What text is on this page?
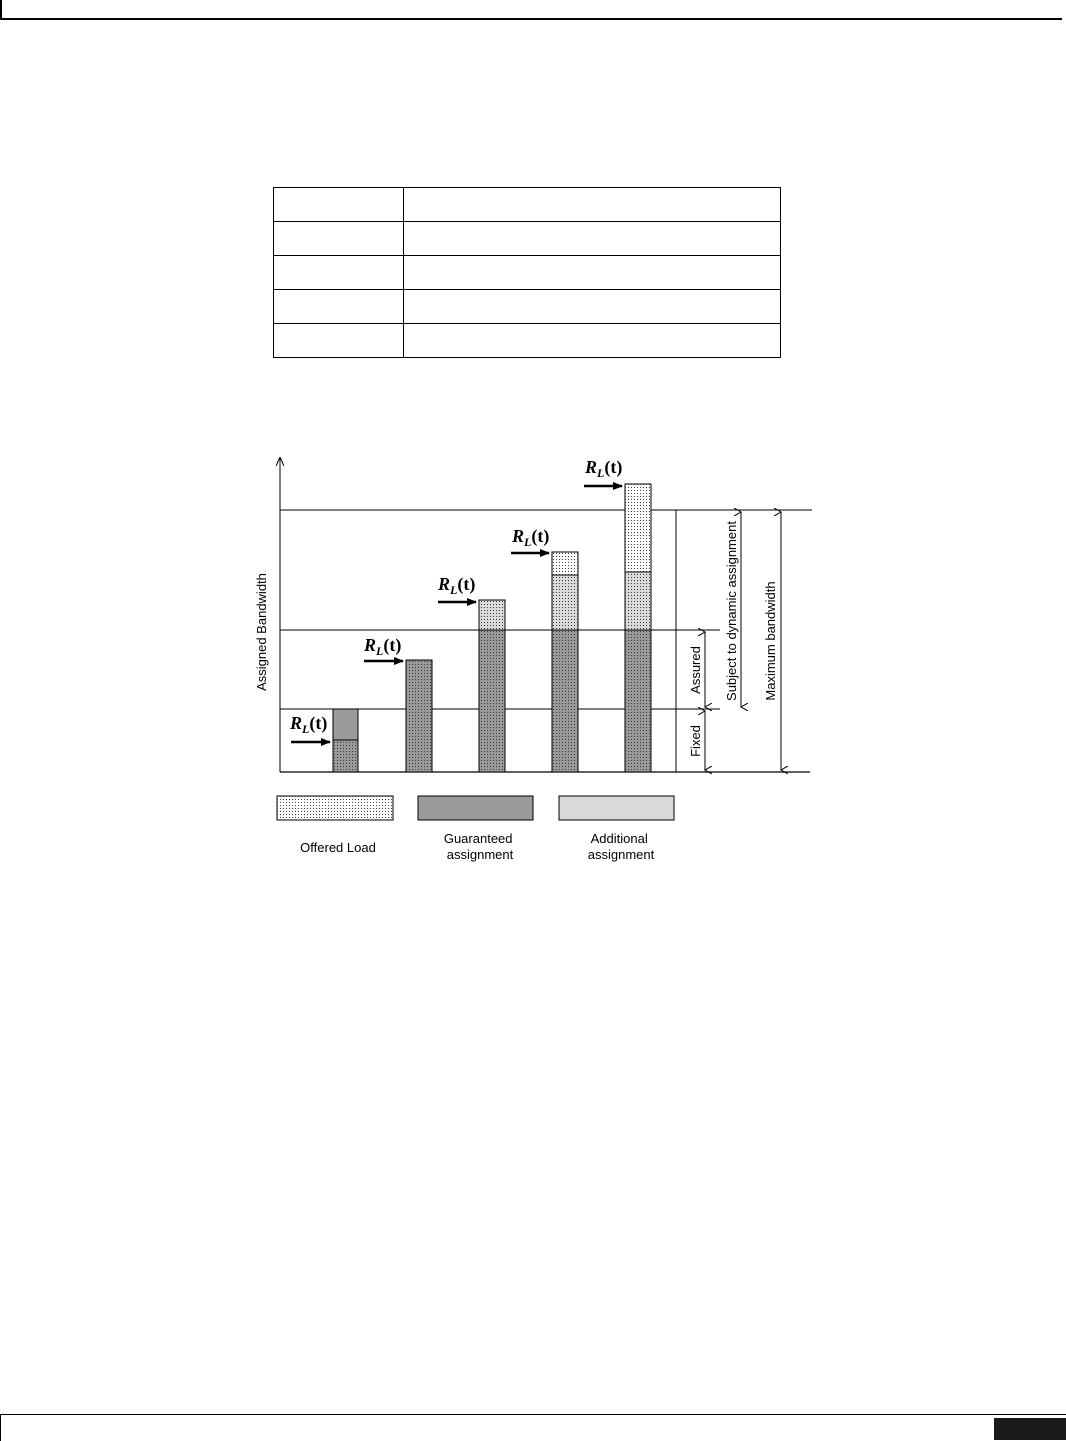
Assigned Bandwidth
$R_L(t)$
$R_L(t)$
$R_L(t)$
$R_L(t)$
$R_L(t)$
Fixed
Assured Subject to dynamic assignment Maximum bandwidth
Offered Load
Guaranteed assignment
Additional assignment
